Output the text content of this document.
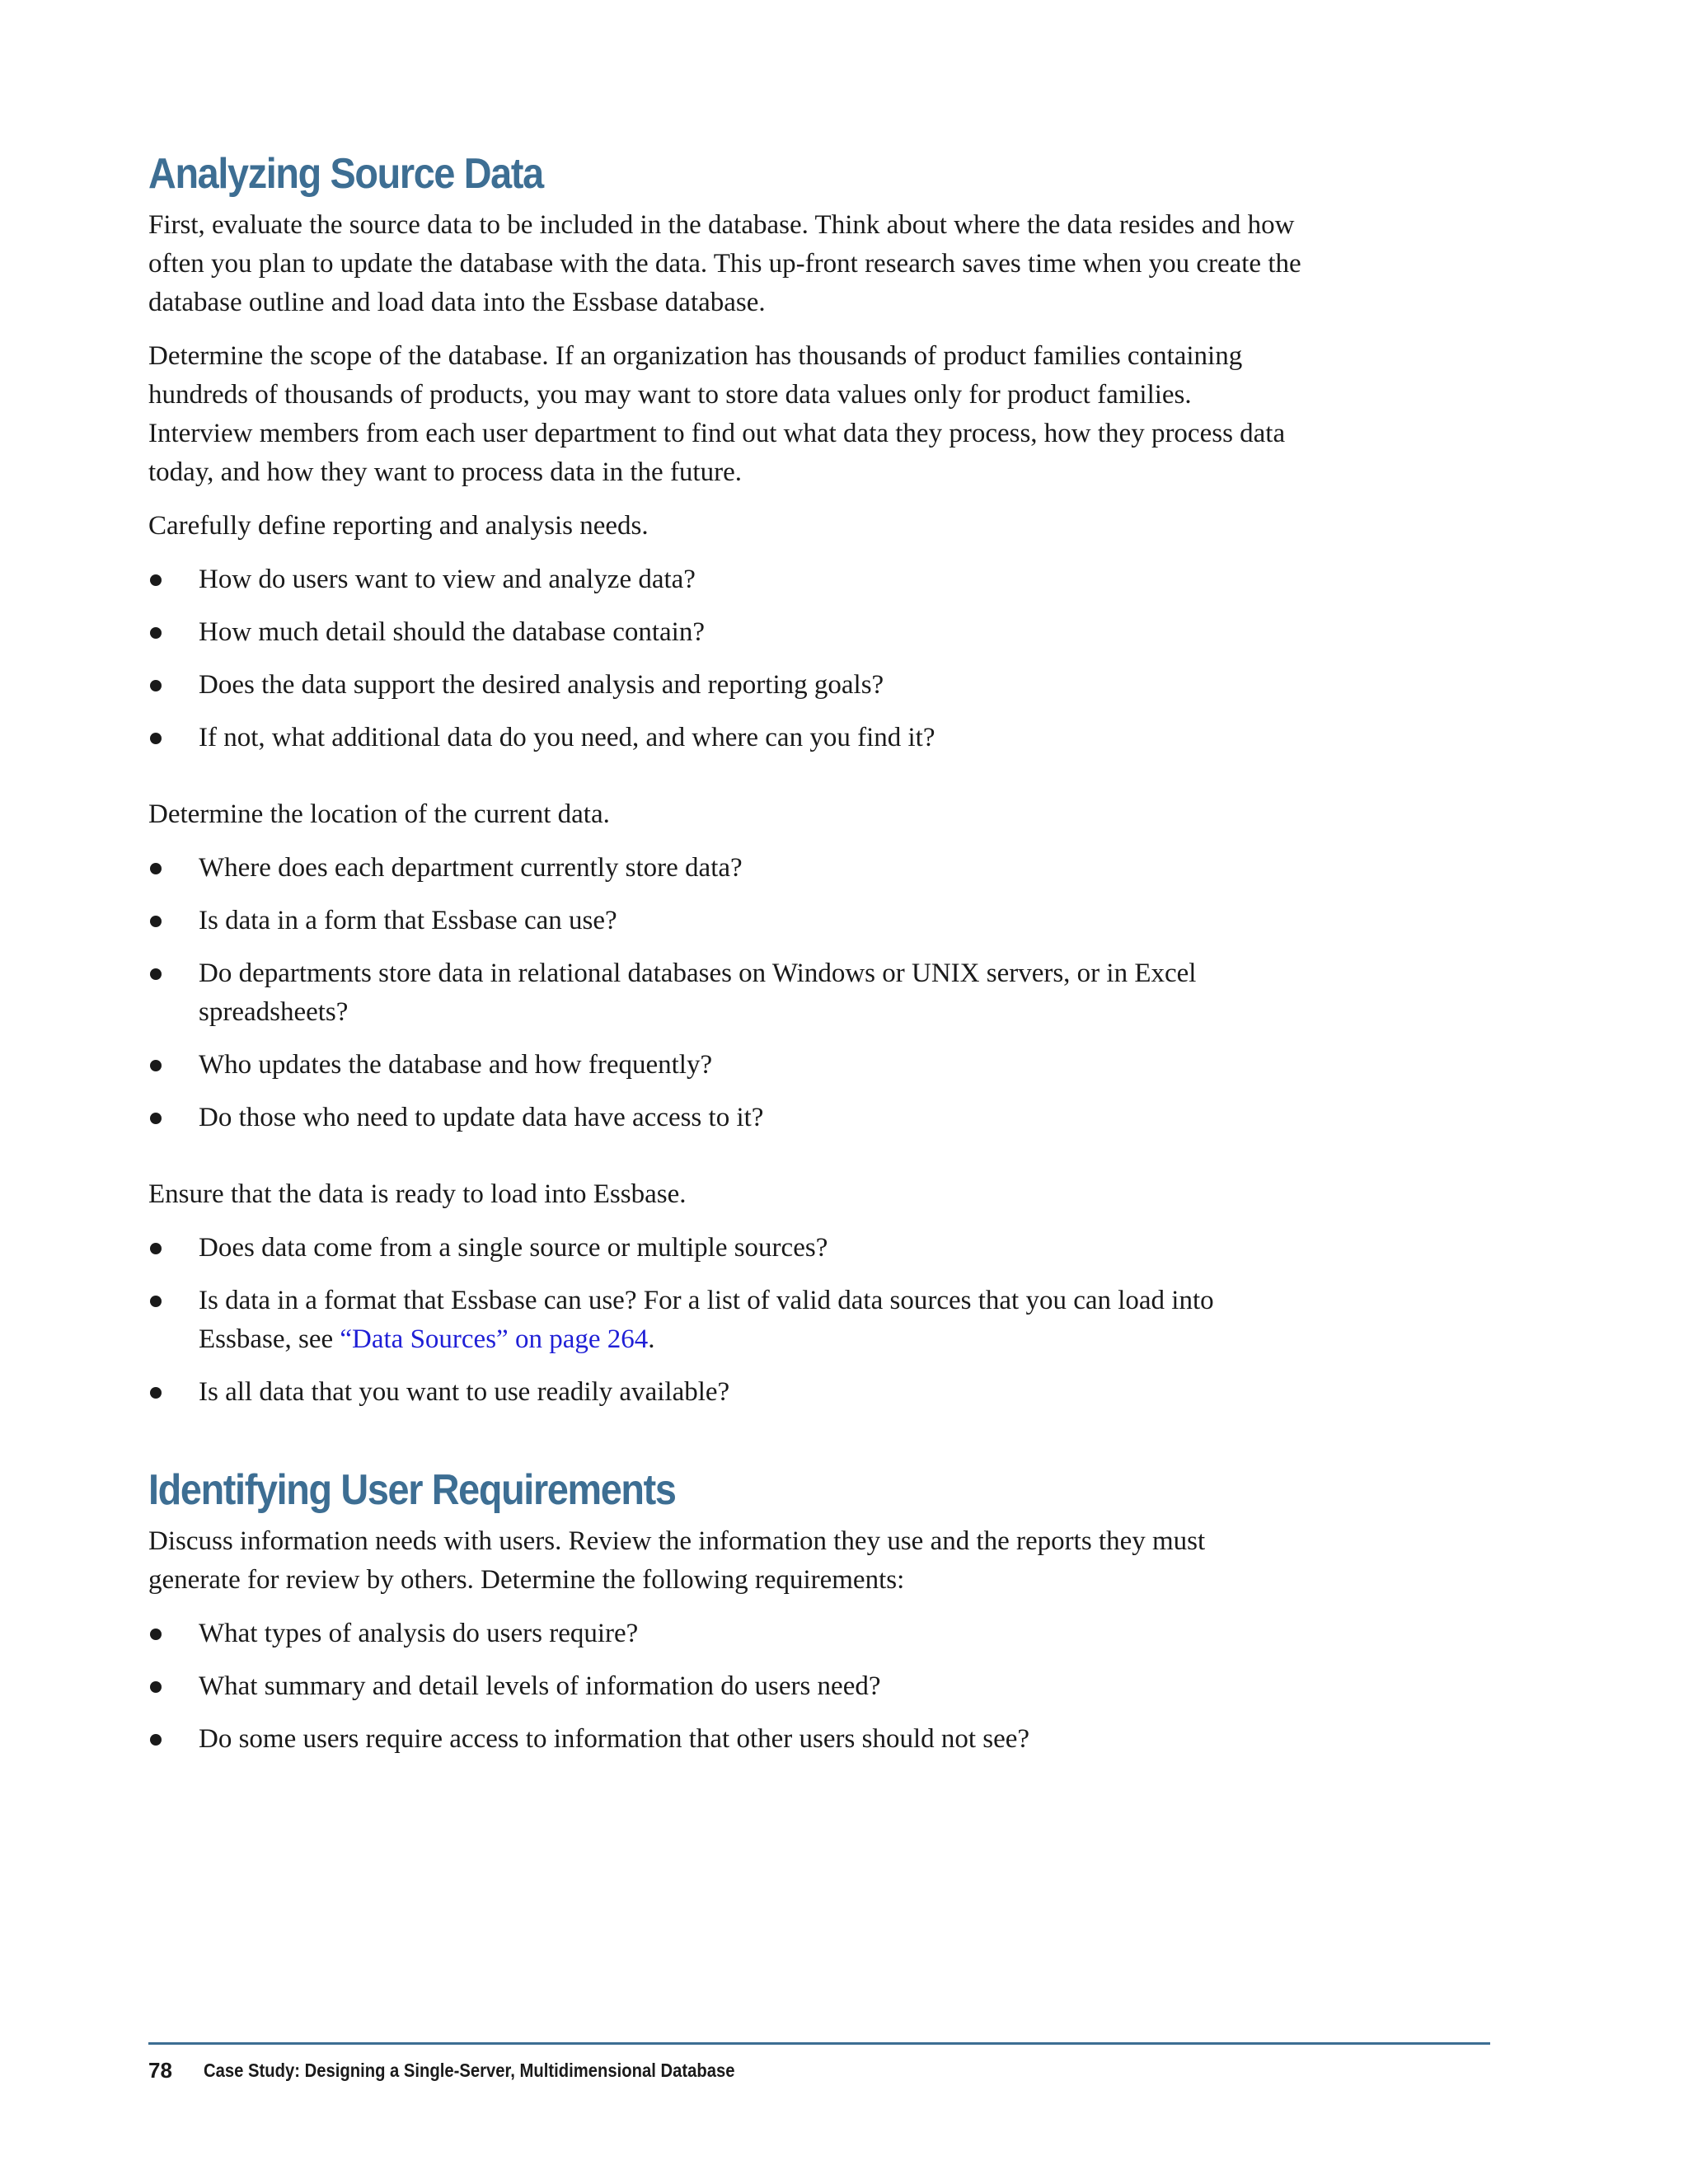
Analyzing Source Data

First, evaluate the source data to be included in the database. Think about where the data resides and how often you plan to update the database with the data. This up-front research saves time when you create the database outline and load data into the Essbase database.

Determine the scope of the database. If an organization has thousands of product families containing hundreds of thousands of products, you may want to store data values only for product families. Interview members from each user department to find out what data they process, how they process data today, and how they want to process data in the future.

Carefully define reporting and analysis needs.

How do users want to view and analyze data?
How much detail should the database contain?
Does the data support the desired analysis and reporting goals?
If not, what additional data do you need, and where can you find it?

Determine the location of the current data.

Where does each department currently store data?
Is data in a form that Essbase can use?
Do departments store data in relational databases on Windows or UNIX servers, or in Excel spreadsheets?
Who updates the database and how frequently?
Do those who need to update data have access to it?

Ensure that the data is ready to load into Essbase.

Does data come from a single source or multiple sources?
Is data in a format that Essbase can use? For a list of valid data sources that you can load into Essbase, see “Data Sources” on page 264.
Is all data that you want to use readily available?
Identifying User Requirements

Discuss information needs with users. Review the information they use and the reports they must generate for review by others. Determine the following requirements:

What types of analysis do users require?
What summary and detail levels of information do users need?
Do some users require access to information that other users should not see?
78 Case Study: Designing a Single-Server, Multidimensional Database
